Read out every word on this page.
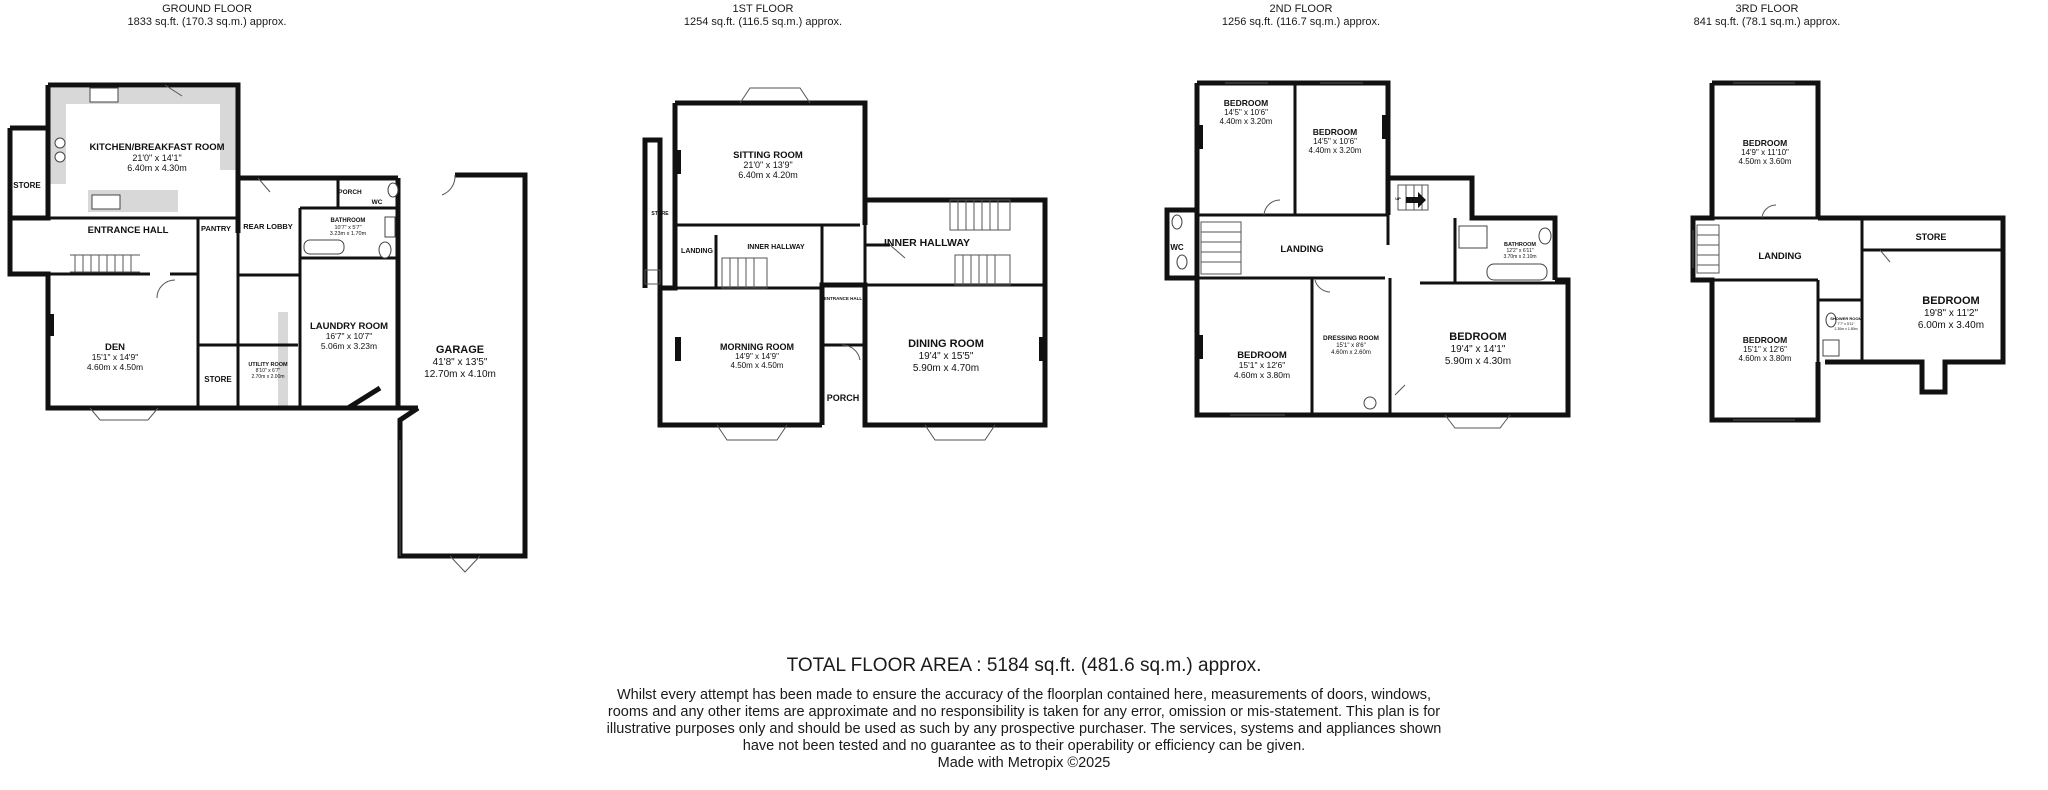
GROUND FLOOR
1833 sq.ft. (170.3 sq.m.) approx.
1ST FLOOR
1254 sq.ft. (116.5 sq.m.) approx.
2ND FLOOR
1256 sq.ft. (116.7 sq.m.) approx.
3RD FLOOR
841 sq.ft. (78.1 sq.m.) approx.
KITCHEN/BREAKFAST ROOM
21'0" x 14'1"
6.40m x 4.30m
STORE
ENTRANCE HALL	PANTRY REAR LOBBY
PORCH
WC
BATHROOM
10'7" x 5'7"
3.23m x 1.70m
DEN
15'1" x 14'9"
4.60m x 4.50m
LAUNDRY ROOM
16'7" x 10'7"
5.06m x 3.23m
UTILITY ROOM
8'10" x 6'7"
2.70m x 2.00m
STORE
GARAGE
41'8" x 13'5"
12.70m x 4.10m
SITTING ROOM
21'0" x 13'9"
6.40m x 4.20m
STORE
LANDING
INNER HALLWAY	INNER HALLWAY
ENTRANCE HALL
MORNING ROOM
14'9" x 14'9"
4.50m x 4.50m
PORCH
DINING ROOM
19'4" x 15'5"
5.90m x 4.70m
BEDROOM
14'5" x 10'6"
4.40m x 3.20m
BEDROOM
14'5" x 10'6"
4.40m x 3.20m
WC	LANDING
UP
BATHROOM
12'2" x 6'11"
3.70m x 2.10m
BEDROOM
15'1" x 12'6"
4.60m x 3.80m
DRESSING ROOM
15'1" x 8'6"
4.60m x 2.60m
BEDROOM
19'4" x 14'1"
5.90m x 4.30m
BEDROOM
14'9" x 11'10"
4.50m x 3.60m
LANDING
STORE
BEDROOM
15'1" x 12'6"
4.60m x 3.80m
SHOWER ROOM
7'7" x 5'11"
2.30m x 1.80m
BEDROOM
19'8" x 11'2"
6.00m x 3.40m
TOTAL FLOOR AREA : 5184 sq.ft. (481.6 sq.m.) approx.
Whilst every attempt has been made to ensure the accuracy of the floorplan contained here, measurements of doors, windows, rooms and any other items are approximate and no responsibility is taken for any error, omission or mis-statement. This plan is for illustrative purposes only and should be used as such by any prospective purchaser. The services, systems and appliances shown have not been tested and no guarantee as to their operability or efficiency can be given.
Made with Metropix ©2025
